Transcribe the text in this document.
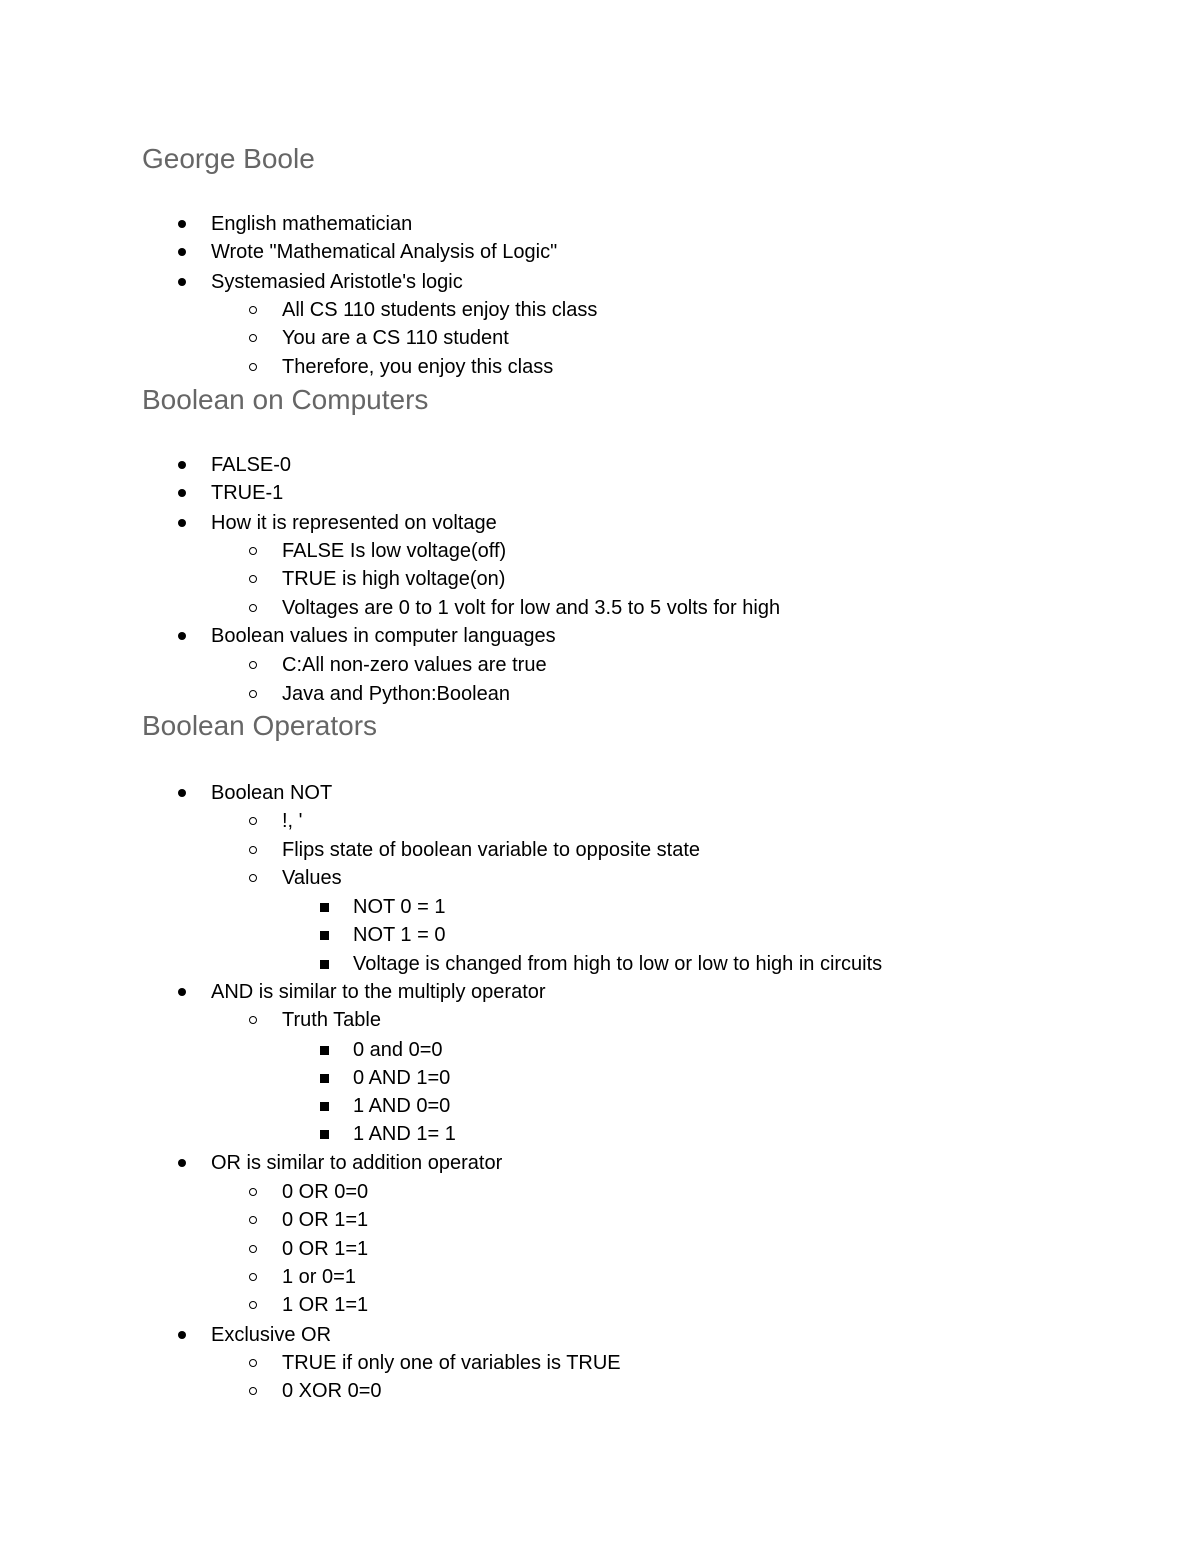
George Boole
English mathematician
Wrote "Mathematical Analysis of Logic"
Systemasied Aristotle's logic
All CS 110 students enjoy this class
You are a CS 110 student
Therefore, you enjoy this class
Boolean on Computers
FALSE-0
TRUE-1
How it is represented on voltage
FALSE Is low voltage(off)
TRUE is high voltage(on)
Voltages are 0 to 1 volt for low and 3.5 to 5 volts for high
Boolean values in computer languages
C:All non-zero values are true
Java and Python:Boolean
Boolean Operators
Boolean NOT
!, '
Flips state of boolean variable to opposite state
Values
NOT 0 = 1
NOT 1 = 0
Voltage is changed from high to low or low to high in circuits
AND is similar to the multiply operator
Truth Table
0 and 0=0
0 AND 1=0
1 AND 0=0
1 AND 1= 1
OR is similar to addition operator
0 OR 0=0
0 OR 1=1
0 OR 1=1
1 or 0=1
1 OR 1=1
Exclusive OR
TRUE if only one of variables is TRUE
0 XOR 0=0
